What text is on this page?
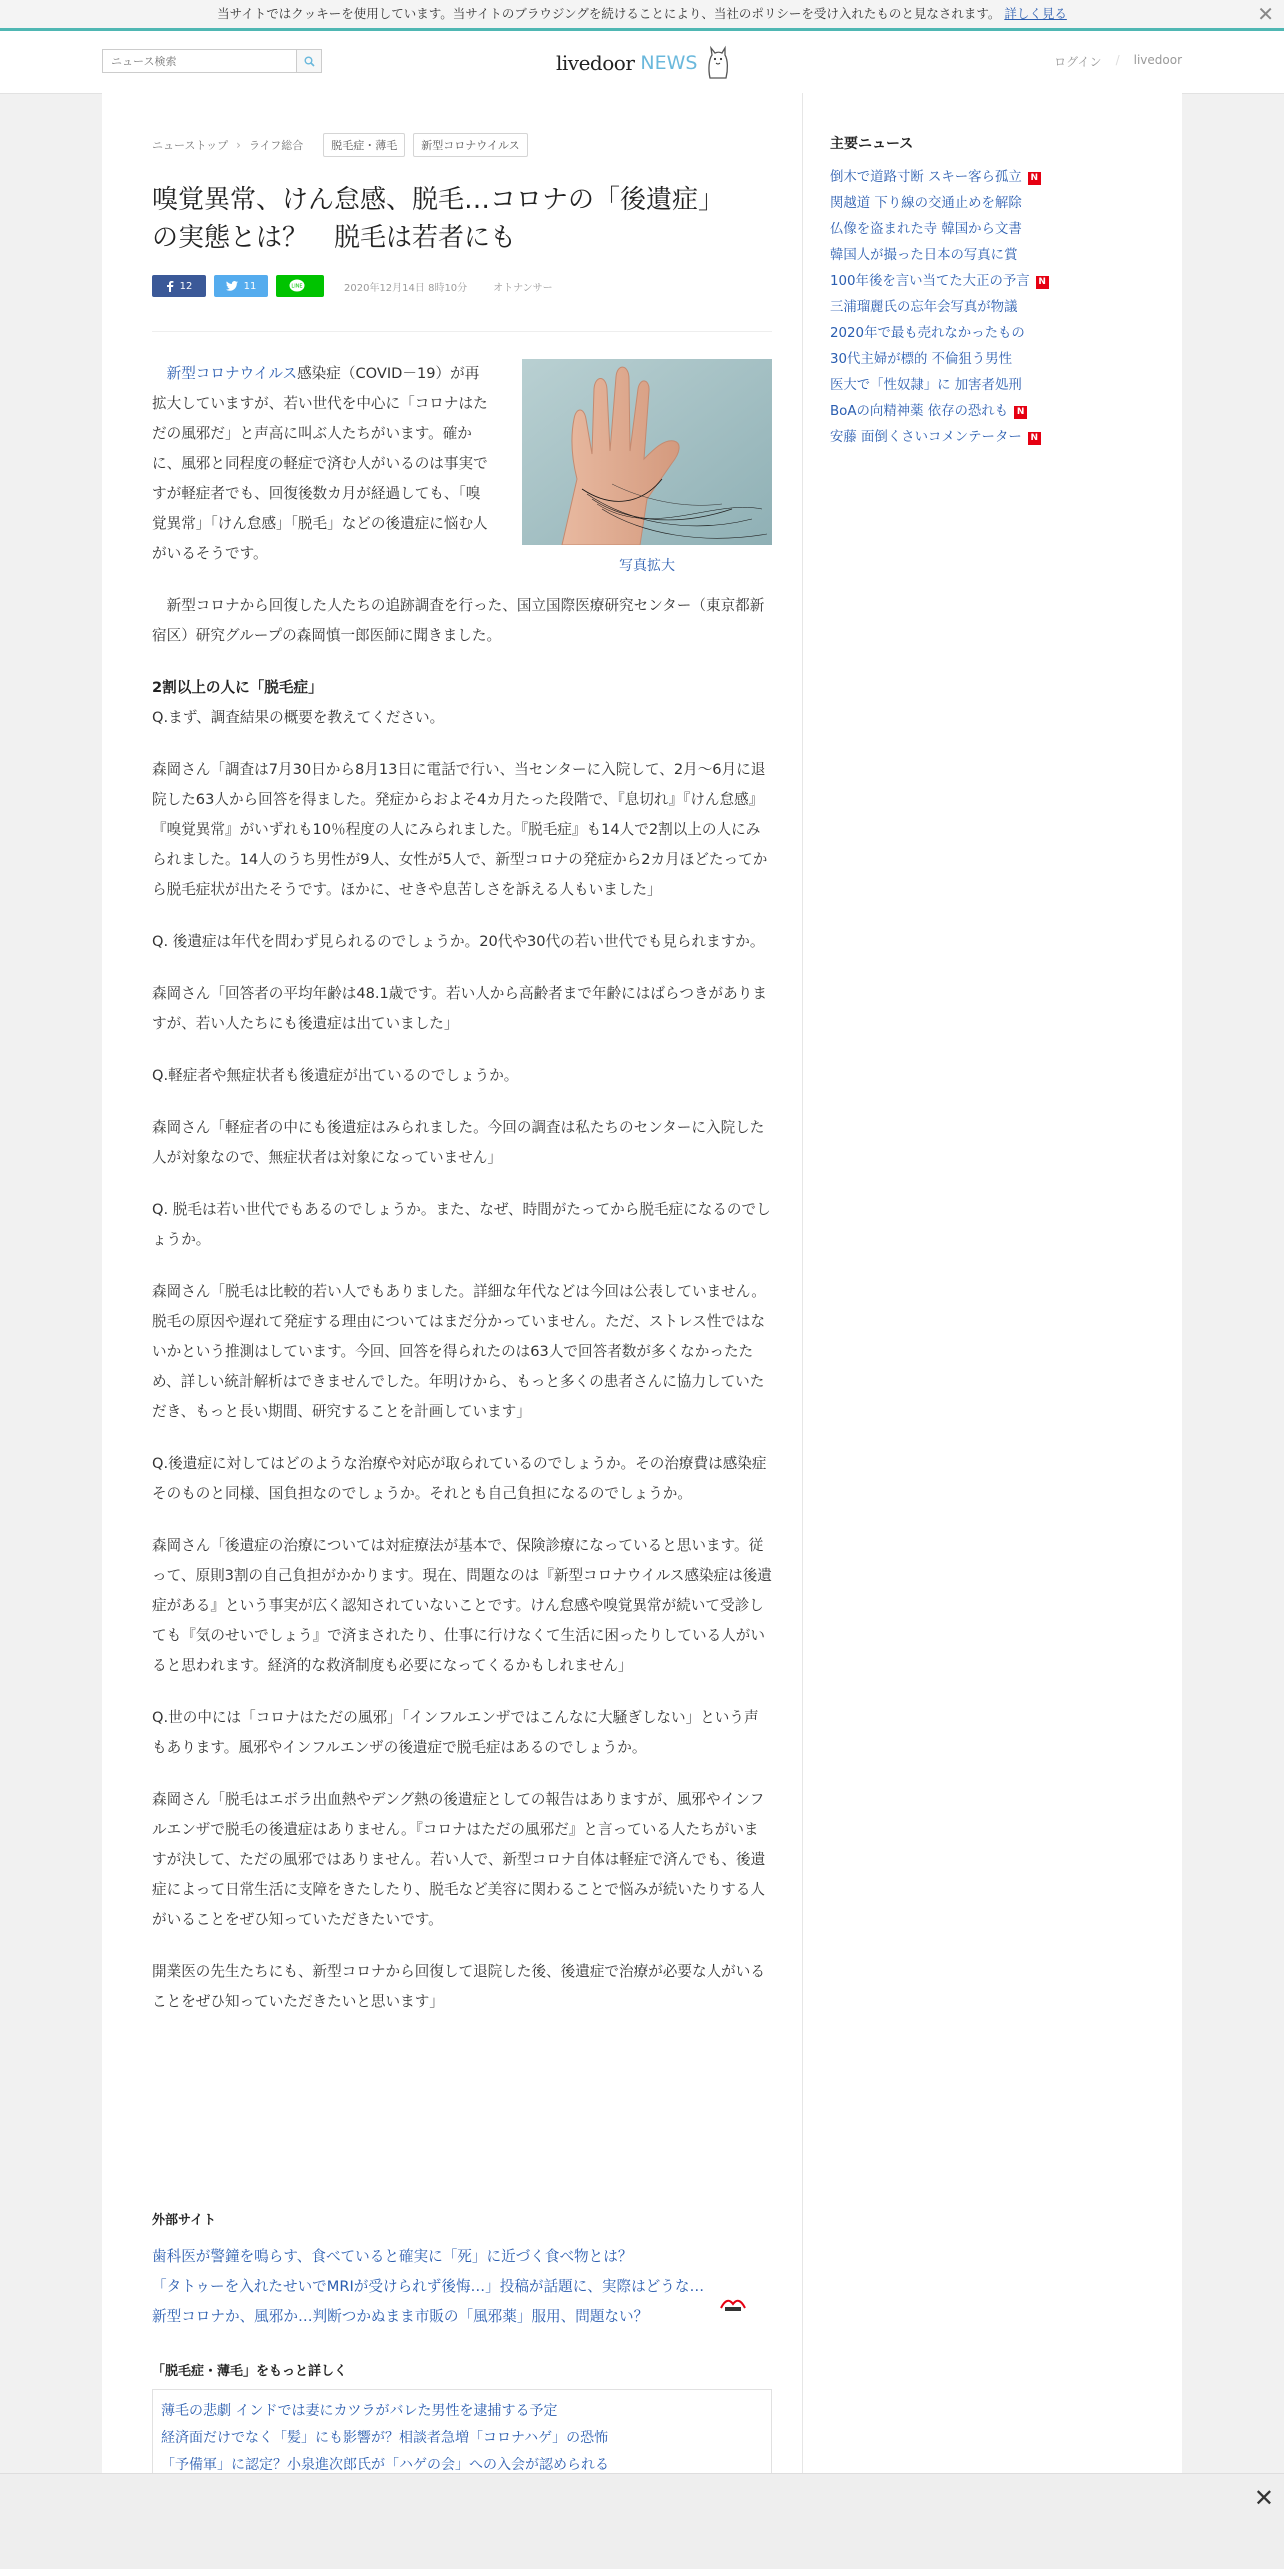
当サイトではクッキーを使用しています。当サイトのブラウジングを続けることにより、当社のポリシーを受け入れたものと見なされます。 詳しく見る	✕
ニュース検索
livedoor NEWS	ログイン / livedoor
ニューストップ › ライフ総合	脱毛症・薄毛	新型コロナウイルス
嗅覚異常、けん怠感、脱毛…コロナの「後遺症」の実態とは？　脱毛は若者にも
12	11	LINE	2020年12月14日 8時10分	オトナンサー
写真拡大

新型コロナウイルス感染症（COVID－19）が再拡大していますが、若い世代を中心に「コロナはただの風邪だ」と声高に叫ぶ人たちがいます。確かに、風邪と同程度の軽症で済む人がいるのは事実ですが軽症者でも、回復後数カ月が経過しても、「嗅覚異常」「けん怠感」「脱毛」などの後遺症に悩む人がいるそうです。

新型コロナから回復した人たちの追跡調査を行った、国立国際医療研究センター（東京都新宿区）研究グループの森岡慎一郎医師に聞きました。

2割以上の人に「脱毛症」

Q.まず、調査結果の概要を教えてください。

森岡さん「調査は7月30日から8月13日に電話で行い、当センターに入院して、2月～6月に退院した63人から回答を得ました。発症からおよそ4カ月たった段階で、『息切れ』『けん怠感』『嗅覚異常』がいずれも10％程度の人にみられました。『脱毛症』も14人で2割以上の人にみられました。14人のうち男性が9人、女性が5人で、新型コロナの発症から2カ月ほどたってから脱毛症状が出たそうです。ほかに、せきや息苦しさを訴える人もいました」

Q. 後遺症は年代を問わず見られるのでしょうか。20代や30代の若い世代でも見られますか。

森岡さん「回答者の平均年齢は48.1歳です。若い人から高齢者まで年齢にはばらつきがありますが、若い人たちにも後遺症は出ていました」

Q.軽症者や無症状者も後遺症が出ているのでしょうか。

森岡さん「軽症者の中にも後遺症はみられました。今回の調査は私たちのセンターに入院した人が対象なので、無症状者は対象になっていません」

Q. 脱毛は若い世代でもあるのでしょうか。また、なぜ、時間がたってから脱毛症になるのでしょうか。

森岡さん「脱毛は比較的若い人でもありました。詳細な年代などは今回は公表していません。脱毛の原因や遅れて発症する理由についてはまだ分かっていません。ただ、ストレス性ではないかという推測はしています。今回、回答を得られたのは63人で回答者数が多くなかったため、詳しい統計解析はできませんでした。年明けから、もっと多くの患者さんに協力していただき、もっと長い期間、研究することを計画しています」

Q.後遺症に対してはどのような治療や対応が取られているのでしょうか。その治療費は感染症そのものと同様、国負担なのでしょうか。それとも自己負担になるのでしょうか。

森岡さん「後遺症の治療については対症療法が基本で、保険診療になっていると思います。従って、原則3割の自己負担がかかります。現在、問題なのは『新型コロナウイルス感染症は後遺症がある』という事実が広く認知されていないことです。けん怠感や嗅覚異常が続いて受診しても『気のせいでしょう』で済まされたり、仕事に行けなくて生活に困ったりしている人がいると思われます。経済的な救済制度も必要になってくるかもしれません」

Q.世の中には「コロナはただの風邪」「インフルエンザではこんなに大騒ぎしない」という声もあります。風邪やインフルエンザの後遺症で脱毛症はあるのでしょうか。

森岡さん「脱毛はエボラ出血熱やデング熱の後遺症としての報告はありますが、風邪やインフルエンザで脱毛の後遺症はありません。『コロナはただの風邪だ』と言っている人たちがいますが決して、ただの風邪ではありません。若い人で、新型コロナ自体は軽症で済んでも、後遺症によって日常生活に支障をきたしたり、脱毛など美容に関わることで悩みが続いたりする人がいることをぜひ知っていただきたいです。

開業医の先生たちにも、新型コロナから回復して退院した後、後遺症で治療が必要な人がいることをぜひ知っていただきたいと思います」

外部サイト
歯科医が警鐘を鳴らす、食べていると確実に「死」に近づく食べ物とは？
「タトゥーを入れたせいでMRIが受けられず後悔…」投稿が話題に、実際はどうな…
新型コロナか、風邪か…判断つかぬまま市販の「風邪薬」服用、問題ない？
「脱毛症・薄毛」をもっと詳しく
薄毛の悲劇 インドでは妻にカツラがバレた男性を逮捕する予定
経済面だけでなく「髪」にも影響が？相談者急増「コロナハゲ」の恐怖
「予備軍」に認定？小泉進次郎氏が「ハゲの会」への入会が認められる
主要ニュース
倒木で道路寸断 スキー客ら孤立 N
関越道 下り線の交通止めを解除
仏像を盗まれた寺 韓国から文書
韓国人が撮った日本の写真に賞
100年後を言い当てた大正の予言 N
三浦瑠麗氏の忘年会写真が物議
2020年で最も売れなかったもの
30代主婦が標的 不倫狙う男性
医大で「性奴隷」に 加害者処刑
BoAの向精神薬 依存の恐れも N
安藤 面倒くさいコメンテーター N
✕
